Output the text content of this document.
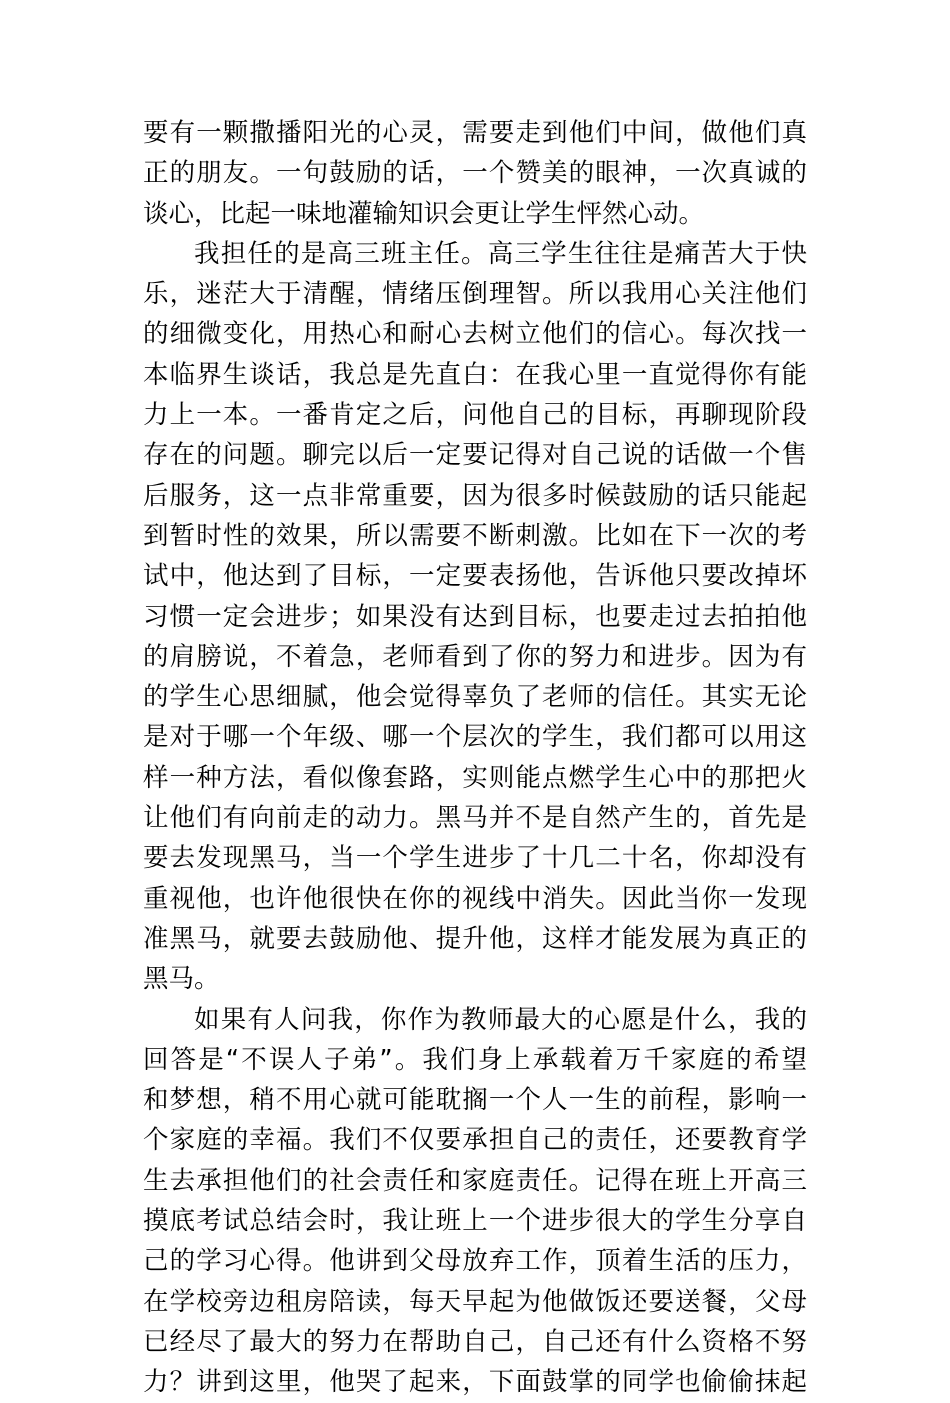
要有一颗撒播阳光的心灵，需要走到他们中间，做他们真
正的朋友。一句鼓励的话，一个赞美的眼神，一次真诚的
谈心，比起一味地灌输知识会更让学生怦然心动。
我担任的是高三班主任。高三学生往往是痛苦大于快
乐，迷茫大于清醒，情绪压倒理智。所以我用心关注他们
的细微变化，用热心和耐心去树立他们的信心。每次找一
本临界生谈话，我总是先直白：在我心里一直觉得你有能
力上一本。一番肯定之后，问他自己的目标，再聊现阶段
存在的问题。聊完以后一定要记得对自己说的话做一个售
后服务，这一点非常重要，因为很多时候鼓励的话只能起
到暂时性的效果，所以需要不断刺激。比如在下一次的考
试中，他达到了目标，一定要表扬他，告诉他只要改掉坏
习惯一定会进步；如果没有达到目标，也要走过去拍拍他
的肩膀说，不着急，老师看到了你的努力和进步。因为有
的学生心思细腻，他会觉得辜负了老师的信任。其实无论
是对于哪一个年级、哪一个层次的学生，我们都可以用这
样一种方法，看似像套路，实则能点燃学生心中的那把火
让他们有向前走的动力。黑马并不是自然产生的，首先是
要去发现黑马，当一个学生进步了十几二十名，你却没有
重视他，也许他很快在你的视线中消失。因此当你一发现
准黑马，就要去鼓励他、提升他，这样才能发展为真正的
黑马。
如果有人问我，你作为教师最大的心愿是什么，我的
回答是“不误人子弟”。我们身上承载着万千家庭的希望
和梦想，稍不用心就可能耽搁一个人一生的前程，影响一
个家庭的幸福。我们不仅要承担自己的责任，还要教育学
生去承担他们的社会责任和家庭责任。记得在班上开高三
摸底考试总结会时，我让班上一个进步很大的学生分享自
己的学习心得。他讲到父母放弃工作，顶着生活的压力，
在学校旁边租房陪读，每天早起为他做饭还要送餐，父母
已经尽了最大的努力在帮助自己，自己还有什么资格不努
力？讲到这里，他哭了起来，下面鼓掌的同学也偷偷抹起
